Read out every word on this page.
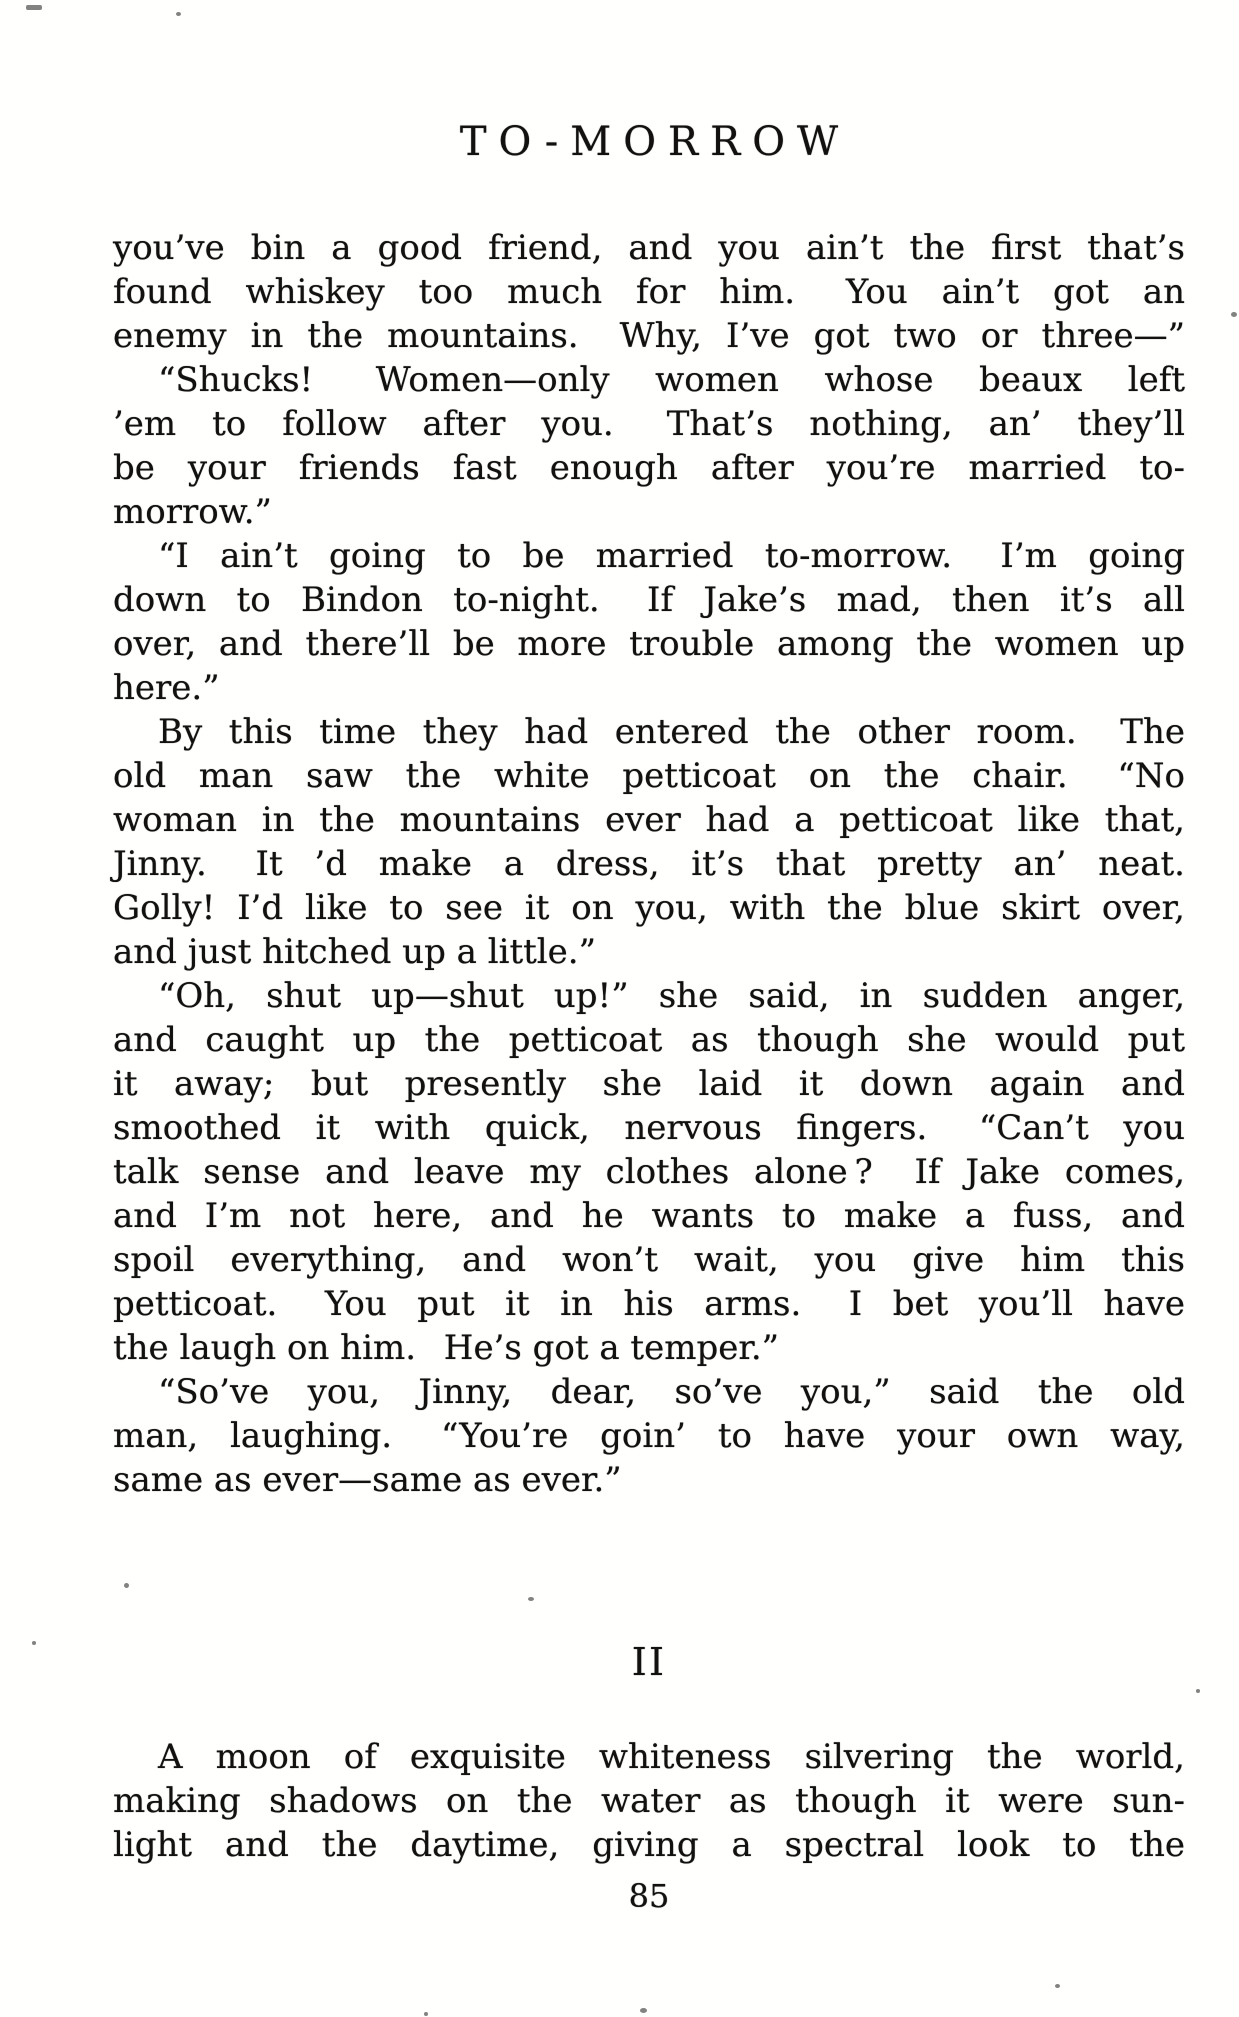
TO-MORROW
you’ve bin a good friend, and you ain’t the first that’s
found whiskey too much for him.  You ain’t got an
enemy in the mountains.  Why, I’ve got two or three—”
“Shucks!  Women—only women whose beaux left
’em to follow after you.  That’s nothing, an’ they’ll
be your friends fast enough after you’re married to-
morrow.”
“I ain’t going to be married to-morrow.  I’m going
down to Bindon to-night.  If Jake’s mad, then it’s all
over, and there’ll be more trouble among the women up
here.”
By this time they had entered the other room.  The
old man saw the white petticoat on the chair.  “No
woman in the mountains ever had a petticoat like that,
Jinny.  It ’d make a dress, it’s that pretty an’ neat.
Golly! I’d like to see it on you, with the blue skirt over,
and just hitched up a little.”
“Oh, shut up—shut up!” she said, in sudden anger,
and caught up the petticoat as though she would put
it away; but presently she laid it down again and
smoothed it with quick, nervous fingers.  “Can’t you
talk sense and leave my clothes alone ?  If Jake comes,
and I’m not here, and he wants to make a fuss, and
spoil everything, and won’t wait, you give him this
petticoat.  You put it in his arms.  I bet you’ll have
the laugh on him.  He’s got a temper.”
“So’ve you, Jinny, dear, so’ve you,” said the old
man, laughing.  “You’re goin’ to have your own way,
same as ever—same as ever.”
II
A moon of exquisite whiteness silvering the world,
making shadows on the water as though it were sun-
light and the daytime, giving a spectral look to the
85
